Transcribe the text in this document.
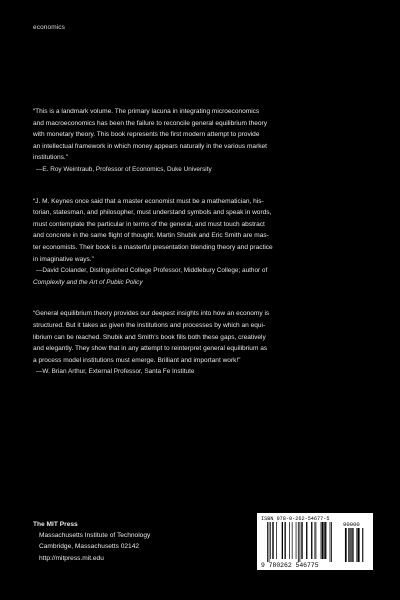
economics

“This is a landmark volume. The primary lacuna in integrating microeconomics

and macroeconomics has been the failure to reconcile general equilibrium theory

with monetary theory. This book represents the first modern attempt to provide

an intellectual framework in which money appears naturally in the various market

institutions.”

—E. Roy Weintraub, Professor of Economics, Duke University

“J. M. Keynes once said that a master economist must be a mathematician, his-

torian, statesman, and philosopher, must understand symbols and speak in words,

must contemplate the particular in terms of the general, and must touch abstract

and concrete in the same flight of thought. Martin Shubik and Eric Smith are mas-

ter economists. Their book is a masterful presentation blending theory and practice

in imaginative ways.”

—David Colander, Distinguished College Professor, Middlebury College; author of

Complexity and the Art of Public Policy

“General equilibrium theory provides our deepest insights into how an economy is

structured. But it takes as given the institutions and processes by which an equi-

librium can be reached. Shubik and Smith’s book fills both these gaps, creatively

and elegantly. They show that in any attempt to reinterpret general equilibrium as

a process model institutions must emerge. Brilliant and important work!”

—W. Brian Arthur, External Professor, Santa Fe Institute

The MIT Press
Massachusetts Institute of Technology
Cambridge, Massachusetts 02142
http://mitpress.mit.edu
ISBN 978-0-262-54677-5
9 780262 546775
90000
